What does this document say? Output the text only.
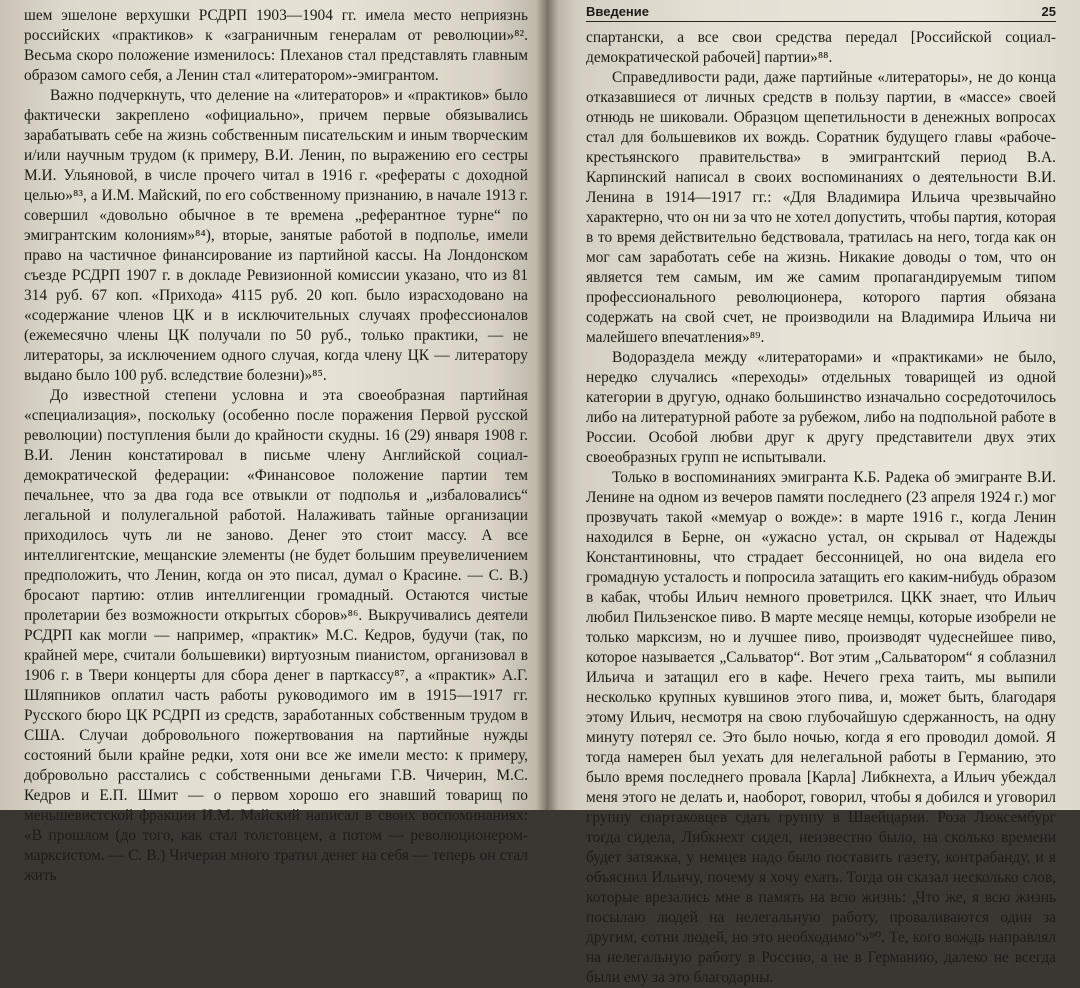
шем эшелоне верхушки РСДРП 1903—1904 гг. имела место неприязнь российских «практиков» к «заграничным генералам от революции»⁸². Весьма скоро положение изменилось: Плеханов стал представлять главным образом самого себя, а Ленин стал «литератором»-эмигрантом.

Важно подчеркнуть, что деление на «литераторов» и «практиков» было фактически закреплено «официально», причем первые обязывались зарабатывать себе на жизнь собственным писательским и иным творческим и/или научным трудом (к примеру, В.И. Ленин, по выражению его сестры М.И. Ульяновой, в числе прочего читал в 1916 г. «рефераты с доходной целью»⁸³, а И.М. Майский, по его собственному признанию, в начале 1913 г. совершил «довольно обычное в те времена „реферантное турне“ по эмигрантским колониям»⁸⁴), вторые, занятые работой в подполье, имели право на частичное финансирование из партийной кассы. На Лондонском съезде РСДРП 1907 г. в докладе Ревизионной комиссии указано, что из 81 314 руб. 67 коп. «Прихода» 4115 руб. 20 коп. было израсходовано на «содержание членов ЦК и в исключительных случаях профессионалов (ежемесячно члены ЦК получали по 50 руб., только практики, — не литераторы, за исключением одного случая, когда члену ЦК — литератору выдано было 100 руб. вследствие болезни)»⁸⁵.

До известной степени условна и эта своеобразная партийная «специализация», поскольку (особенно после поражения Первой русской революции) поступления были до крайности скудны. 16 (29) января 1908 г. В.И. Ленин констатировал в письме члену Английской социал-демократической федерации: «Финансовое положение партии тем печальнее, что за два года все отвыкли от подполья и „избаловались“ легальной и полулегальной работой. Налаживать тайные организации приходилось чуть ли не заново. Денег это стоит массу. А все интеллигентские, мещанские элементы (не будет большим преувеличением предположить, что Ленин, когда он это писал, думал о Красине. — С. В.) бросают партию: отлив интеллигенции громадный. Остаются чистые пролетарии без возможности открытых сборов»⁸⁶. Выкручивались деятели РСДРП как могли — например, «практик» М.С. Кедров, будучи (так, по крайней мере, считали большевики) виртуозным пианистом, организовал в 1906 г. в Твери концерты для сбора денег в парткассу⁸⁷, а «практик» А.Г. Шляпников оплатил часть работы руководимого им в 1915—1917 гг. Русского бюро ЦК РСДРП из средств, заработанных собственным трудом в США. Случаи добровольного пожертвования на партийные нужды состояний были крайне редки, хотя они все же имели место: к примеру, добровольно расстались с собственными деньгами Г.В. Чичерин, М.С. Кедров и Е.П. Шмит — о первом хорошо его знавший товарищ по меньшевистской фракции И.М. Майский написал в своих воспоминаниях: «В прошлом (до того, как стал толстовцем, а потом — революционером-марксистом. — С. В.) Чичерин много тратил денег на себя — теперь он стал жить

Введение	25

спартански, а все свои средства передал [Российской социал-демократической рабочей] партии»⁸⁸.

Справедливости ради, даже партийные «литераторы», не до конца отказавшиеся от личных средств в пользу партии, в «массе» своей отнюдь не шиковали. Образцом щепетильности в денежных вопросах стал для большевиков их вождь. Соратник будущего главы «рабоче-крестьянского правительства» в эмигрантский период В.А. Карпинский написал в своих воспоминаниях о деятельности В.И. Ленина в 1914—1917 гг.: «Для Владимира Ильича чрезвычайно характерно, что он ни за что не хотел допустить, чтобы партия, которая в то время действительно бедствовала, тратилась на него, тогда как он мог сам заработать себе на жизнь. Никакие доводы о том, что он является тем самым, им же самим пропагандируемым типом профессионального революционера, которого партия обязана содержать на свой счет, не производили на Владимира Ильича ни малейшего впечатления»⁸⁹.

Водораздела между «литераторами» и «практиками» не было, нередко случались «переходы» отдельных товарищей из одной категории в другую, однако большинство изначально сосредоточилось либо на литературной работе за рубежом, либо на подпольной работе в России. Особой любви друг к другу представители двух этих своеобразных групп не испытывали.

Только в воспоминаниях эмигранта К.Б. Радека об эмигранте В.И. Ленине на одном из вечеров памяти последнего (23 апреля 1924 г.) мог прозвучать такой «мемуар о вожде»: в марте 1916 г., когда Ленин находился в Берне, он «ужасно устал, он скрывал от Надежды Константиновны, что страдает бессонницей, но она видела его громадную усталость и попросила затащить его каким-нибудь образом в кабак, чтобы Ильич немного проветрился. ЦКК знает, что Ильич любил Пильзенское пиво. В марте месяце немцы, которые изобрели не только марксизм, но и лучшее пиво, производят чудеснейшее пиво, которое называется „Сальватор“. Вот этим „Сальватором“ я соблазнил Ильича и затащил его в кафе. Нечего греха таить, мы выпили несколько крупных кувшинов этого пива, и, может быть, благодаря этому Ильич, несмотря на свою глубочайшую сдержанность, на одну минуту потерял се. Это было ночью, когда я его проводил домой. Я тогда намерен был уехать для нелегальной работы в Германию, это было время последнего провала [Карла] Либкнехта, а Ильич убеждал меня этого не делать и, наоборот, говорил, чтобы я добился и уговорил группу спартаковцев сдать группу в Швейцарии. Роза Люксембург тогда сидела, Либкнехт сидел, неизвестно было, на сколько времени будет затяжка, у немцев надо было поставить газету, контрабанду, и я объяснил Ильичу, почему я хочу ехать. Тогда он сказал несколько слов, которые врезались мне в память на всю жизнь: „Что же, я всю жизнь посылаю людей на нелегальную работу, проваливаются один за другим, сотни людей, но это необходимо“»⁹⁰. Те, кого вождь направлял на нелегальную работу в Россию, а не в Германию, далеко не всегда были ему за это благодарны.
